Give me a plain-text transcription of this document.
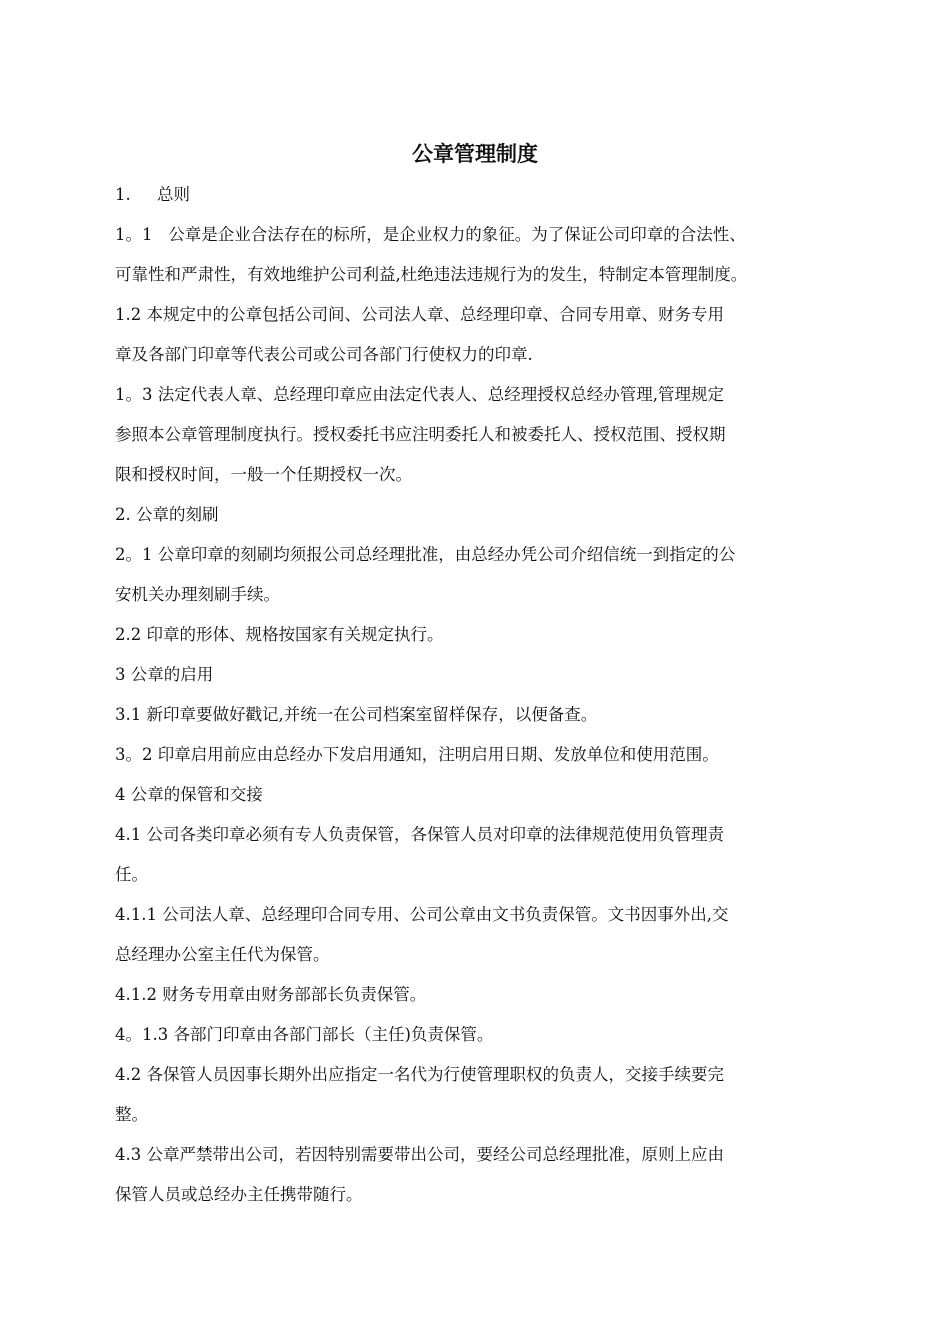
公章管理制度
1.     总则
1。1   公章是企业合法存在的标所，是企业权力的象征。为了保证公司印章的合法性、
可靠性和严肃性，有效地维护公司利益,杜绝违法违规行为的发生，特制定本管理制度。
1.2 本规定中的公章包括公司间、公司法人章、总经理印章、合同专用章、财务专用
章及各部门印章等代表公司或公司各部门行使权力的印章.
1。3 法定代表人章、总经理印章应由法定代表人、总经理授权总经办管理,管理规定
参照本公章管理制度执行。授权委托书应注明委托人和被委托人、授权范围、授权期
限和授权时间，一般一个任期授权一次。
2. 公章的刻刷
2。1 公章印章的刻刷均须报公司总经理批准，由总经办凭公司介绍信统一到指定的公
安机关办理刻刷手续。
2.2 印章的形体、规格按国家有关规定执行。
3 公章的启用
3.1 新印章要做好戳记,并统一在公司档案室留样保存，以便备查。
3。2 印章启用前应由总经办下发启用通知，注明启用日期、发放单位和使用范围。
4 公章的保管和交接
4.1 公司各类印章必须有专人负责保管，各保管人员对印章的法律规范使用负管理责
任。
4.1.1 公司法人章、总经理印合同专用、公司公章由文书负责保管。文书因事外出,交
总经理办公室主任代为保管。
4.1.2 财务专用章由财务部部长负责保管。
4。1.3 各部门印章由各部门部长（主任)负责保管。
4.2 各保管人员因事长期外出应指定一名代为行使管理职权的负责人，交接手续要完
整。
4.3 公章严禁带出公司，若因特别需要带出公司，要经公司总经理批准，原则上应由
保管人员或总经办主任携带随行。
